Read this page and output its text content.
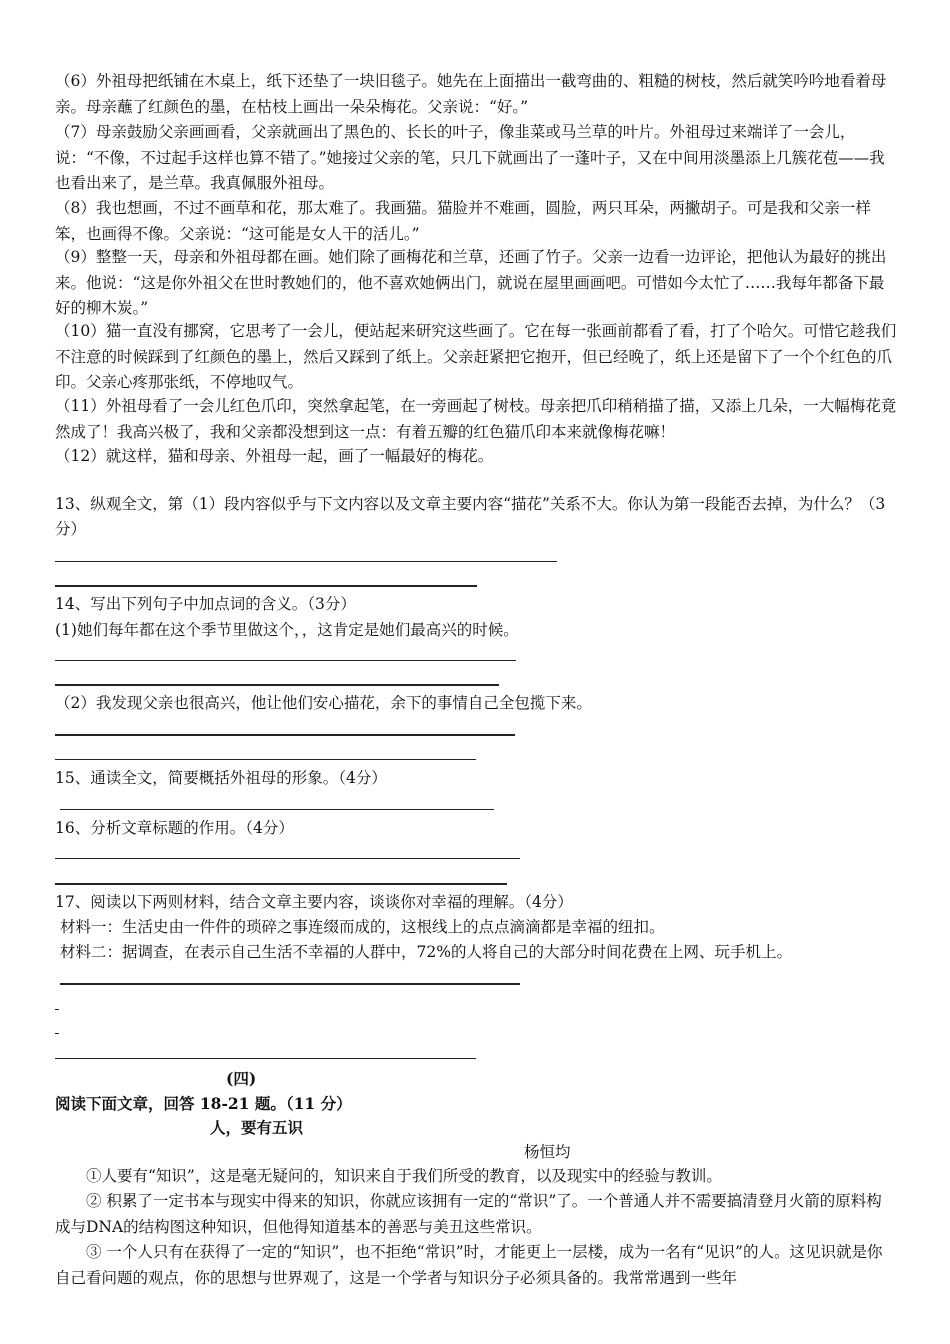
（6）外祖母把纸铺在木桌上，纸下还垫了一块旧毯子。她先在上面描出一截弯曲的、粗糙的树枝，然后就笑吟吟地看着母亲。母亲蘸了红颜色的墨，在枯枝上画出一朵朵梅花。父亲说：“好。”

（7）母亲鼓励父亲画画看，父亲就画出了黑色的、长长的叶子，像韭菜或马兰草的叶片。外祖母过来端详了一会儿，说：“不像，不过起手这样也算不错了。”她接过父亲的笔，只几下就画出了一蓬叶子，又在中间用淡墨添上几簇花苞——我也看出来了，是兰草。我真佩服外祖母。

（8）我也想画，不过不画草和花，那太难了。我画猫。猫脸并不难画，圆脸，两只耳朵，两撇胡子。可是我和父亲一样笨，也画得不像。父亲说：“这可能是女人干的活儿。”

（9）整整一天，母亲和外祖母都在画。她们除了画梅花和兰草，还画了竹子。父亲一边看一边评论，把他认为最好的挑出来。他说：“这是你外祖父在世时教她们的，他不喜欢她俩出门，就说在屋里画画吧。可惜如今太忙了……我每年都备下最好的柳木炭。”

（10）猫一直没有挪窝，它思考了一会儿，便站起来研究这些画了。它在每一张画前都看了看，打了个哈欠。可惜它趁我们不注意的时候踩到了红颜色的墨上，然后又踩到了纸上。父亲赶紧把它抱开，但已经晚了，纸上还是留下了一个个红色的爪印。父亲心疼那张纸，不停地叹气。

（11）外祖母看了一会儿红色爪印，突然拿起笔，在一旁画起了树枝。母亲把爪印稍稍描了描，又添上几朵，一大幅梅花竟然成了！我高兴极了，我和父亲都没想到这一点：有着五瓣的红色猫爪印本来就像梅花嘛！

（12）就这样，猫和母亲、外祖母一起，画了一幅最好的梅花。

13、纵观全文，第（1）段内容似乎与下文内容以及文章主要内容“描花”关系不大。你认为第一段能否去掉，为什么？（3分）

14、写出下列句子中加点词的含义。（3分）

(1)她们每年都在这个季节里做这个，，这肯定是她们最高兴的时候。

（2）我发现父亲也很高兴，他让他们安心描花，余下的事情自己全包揽下来。

15、通读全文，简要概括外祖母的形象。（4分）

16、分析文章标题的作用。（4分）

17、阅读以下两则材料，结合文章主要内容，谈谈你对幸福的理解。（4分）

材料一：生活史由一件件的琐碎之事连缀而成的，这根线上的点点滴滴都是幸福的纽扣。

材料二：据调查，在表示自己生活不幸福的人群中，72%的人将自己的大部分时间花费在上网、玩手机上。

(四)

阅读下面文章，回答 18-21 题。（11 分）

人，要有五识

杨恒均

①人要有“知识”，这是毫无疑问的，知识来自于我们所受的教育，以及现实中的经验与教训。

② 积累了一定书本与现实中得来的知识，你就应该拥有一定的“常识”了。一个普通人并不需要搞清登月火箭的原料构成与DNA的结构图这种知识，但他得知道基本的善恶与美丑这些常识。

③ 一个人只有在获得了一定的“知识”，也不拒绝“常识”时，才能更上一层楼，成为一名有“见识”的人。这见识就是你自己看问题的观点，你的思想与世界观了，这是一个学者与知识分子必须具备的。我常常遇到一些年
